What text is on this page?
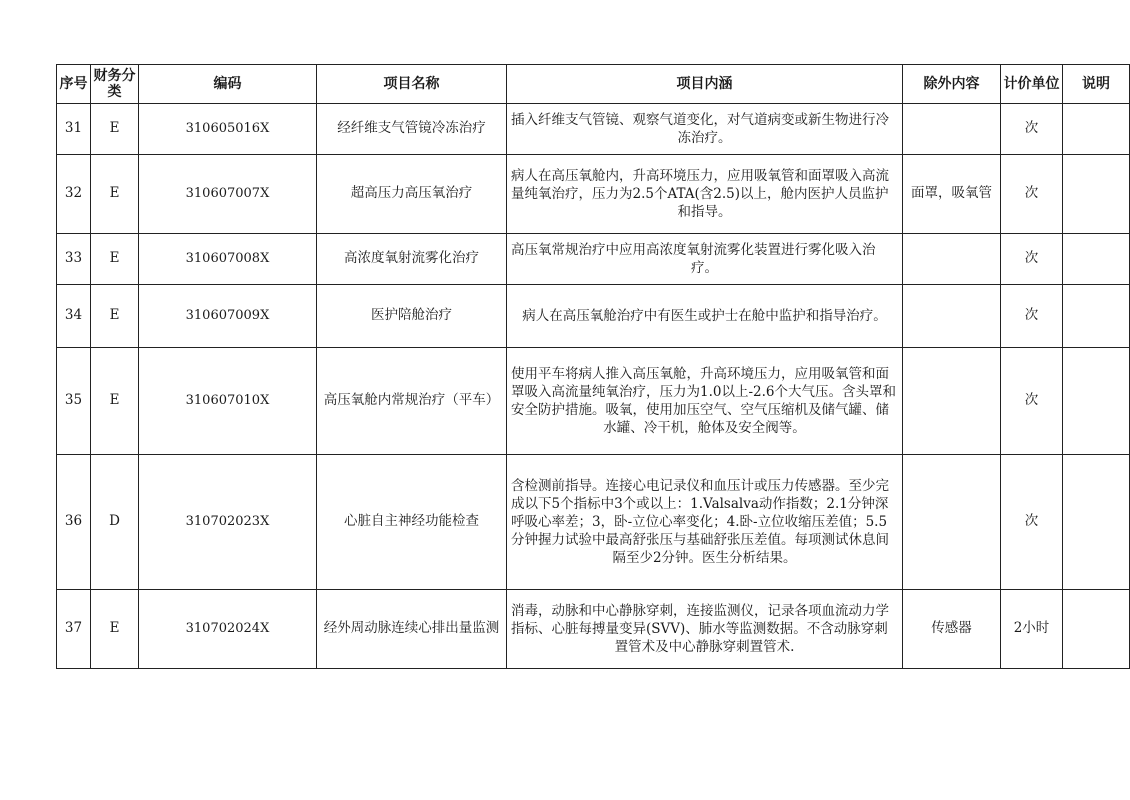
序号	财务分类	编码	项目名称	项目内涵	除外内容	计价单位	说明
31	E	310605016X	经纤维支气管镜冷冻治疗	插入纤维支气管镜、观察气道变化，对气道病变或新生物进行冷冻治疗。		次	
32	E	310607007X	超高压力高压氧治疗	病人在高压氧舱内，升高环境压力，应用吸氧管和面罩吸入高流量纯氧治疗，压力为2.5个ATA(含2.5)以上，舱内医护人员监护和指导。	面罩，吸氧管	次	
33	E	310607008X	高浓度氧射流雾化治疗	高压氧常规治疗中应用高浓度氧射流雾化装置进行雾化吸入治疗。		次	
34	E	310607009X	医护陪舱治疗	病人在高压氧舱治疗中有医生或护士在舱中监护和指导治疗。		次	
35	E	310607010X	高压氧舱内常规治疗（平车）	使用平车将病人推入高压氧舱，升高环境压力，应用吸氧管和面罩吸入高流量纯氧治疗，压力为1.0以上-2.6个大气压。含头罩和安全防护措施。吸氧，使用加压空气、空气压缩机及储气罐、储水罐、冷干机，舱体及安全阀等。		次	
36	D	310702023X	心脏自主神经功能检查	含检测前指导。连接心电记录仪和血压计或压力传感器。至少完成以下5个指标中3个或以上：1.Valsalva动作指数；2.1分钟深呼吸心率差；3，卧-立位心率变化；4.卧-立位收缩压差值；5.5分钟握力试验中最高舒张压与基础舒张压差值。每项测试休息间隔至少2分钟。医生分析结果。		次	
37	E	310702024X	经外周动脉连续心排出量监测	消毒，动脉和中心静脉穿刺，连接监测仪，记录各项血流动力学指标、心脏每搏量变异(SVV)、肺水等监测数据。不含动脉穿刺置管术及中心静脉穿刺置管术.	传感器	2小时	
